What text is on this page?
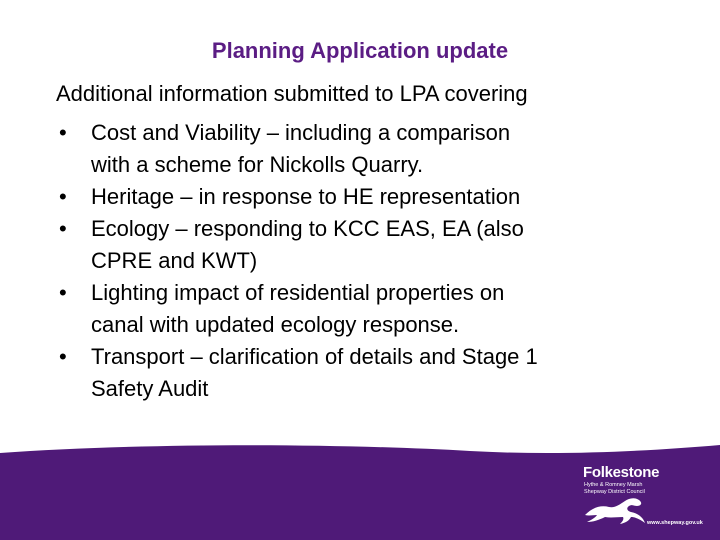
Planning Application update
Additional information submitted to LPA covering
• Cost and Viability – including a comparison
with a scheme for Nickolls Quarry.
• Heritage – in response to HE representation
• Ecology – responding to KCC EAS, EA (also
CPRE and KWT)
• Lighting impact of residential properties on
canal with updated ecology response.
• Transport – clarification of details and Stage 1
Safety Audit
Folkestone
Hythe & Romney Marsh
Shepway District Council
www.shepway.gov.uk
